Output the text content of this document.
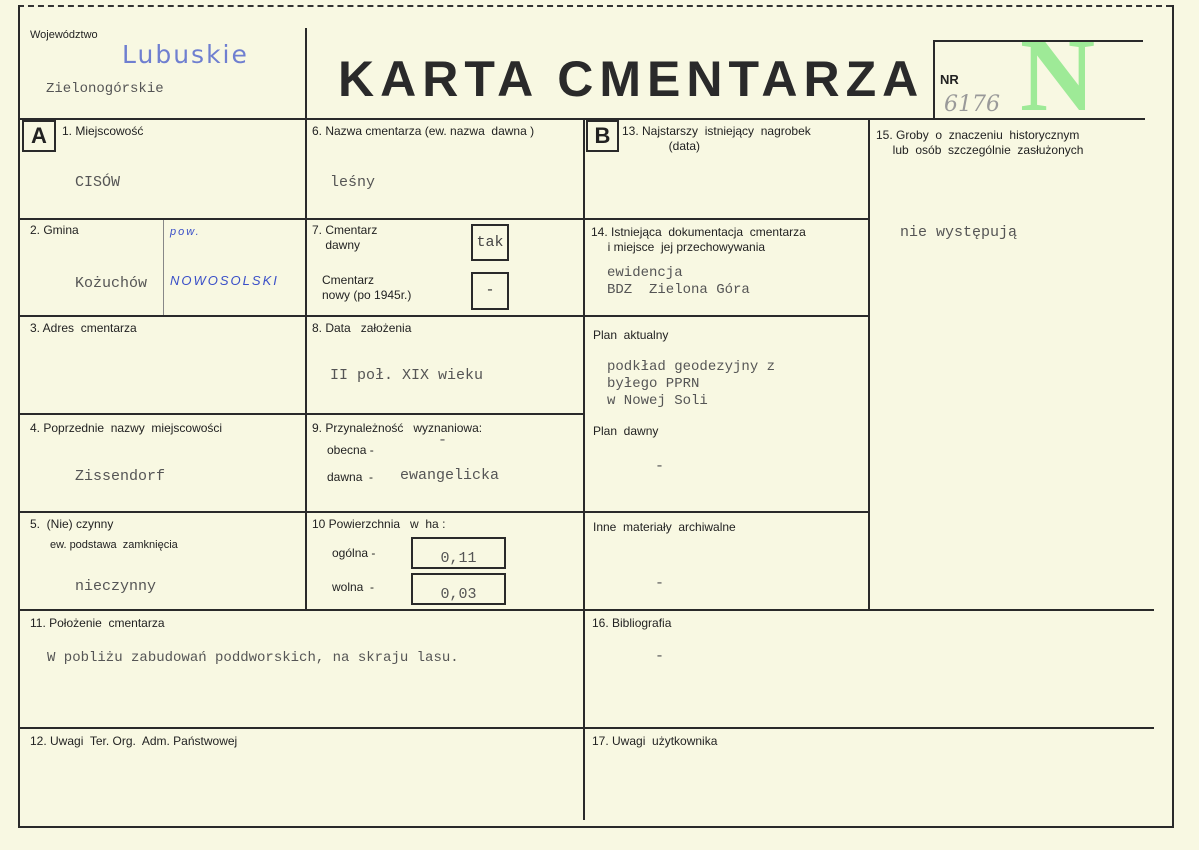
Województwo
Lubuskie
Zielonogórskie	KARTA CMENTARZA NR
6176 N
A	B
1. Miejscowość
CISÓW
6. Nazwa cmentarza (ew. nazwa  dawna )
leśny
13. Najstarszy  istniejący  nagrobek
(data)
15. Groby  o  znaczeniu  historycznym
lub  osób  szczególnie  zasłużonych
nie występują
2. Gmina
Kożuchów
pow.
NOWOSOLSKI
7. Cmentarz
dawny	tak
Cmentarz
nowy (po 1945r.)	-
14. Istniejąca  dokumentacja  cmentarza
i miejsce  jej przechowywania
ewidencja
BDZ  Zielona Góra
Plan  aktualny
podkład geodezyjny z
byłego PPRN
w Nowej Soli
Plan  dawny
-
Inne  materiały  archiwalne
-
3. Adres  cmentarza	8. Data   założenia
II poł. XIX wieku
4. Poprzednie  nazwy  miejscowości
Zissendorf
9. Przynależność   wyznaniowa:
obecna -
-
dawna  - ewangelicka
5.  (Nie) czynny
ew. podstawa  zamknięcia
nieczynny
10 Powierzchnia   w  ha :
ogólna -	0,11
wolna  -	0,03
11. Położenie  cmentarza
W pobliżu zabudowań poddworskich, na skraju lasu.
16. Bibliografia
-
12. Uwagi  Ter. Org.  Adm. Państwowej	17. Uwagi  użytkownika
